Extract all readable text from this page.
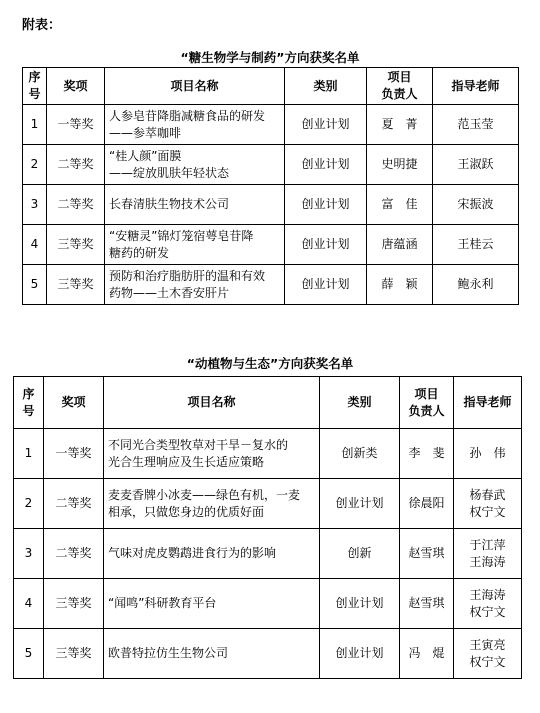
附表：
“糖生物学与制药”方向获奖名单
序
号	奖项	项目名称	类别	项目
负责人	指导老师
1	一等奖	人参皂苷降脂减糖食品的研发
——参萃咖啡	创业计划	夏　菁	范玉莹
2	二等奖	“桂人颜”面膜
——绽放肌肤年轻状态	创业计划	史明捷	王淑跃
3	二等奖	长春清肤生物技术公司	创业计划	富　佳	宋振波
4	三等奖	“安糖灵”锦灯笼宿萼皂苷降
糖药的研发	创业计划	唐蕴涵	王桂云
5	三等奖	预防和治疗脂肪肝的温和有效
药物——土木香安肝片	创业计划	薛　颖	鲍永利
“动植物与生态”方向获奖名单
序
号	奖项	项目名称	类别	项目
负责人	指导老师
1	一等奖	不同光合类型牧草对干旱－复水的
光合生理响应及生长适应策略	创新类	李　斐	孙　伟
2	二等奖	麦麦香牌小冰麦——绿色有机，一麦
相承，只做您身边的优质好面	创业计划	徐晨阳	杨春武
权宁文
3	二等奖	气味对虎皮鹦鹉进食行为的影响	创新	赵雪琪	于江萍
王海涛
4	三等奖	“闻鸣”科研教育平台	创业计划	赵雪琪	王海涛
权宁文
5	三等奖	欧普特拉仿生生物公司	创业计划	冯　焜	王寅亮
权宁文
